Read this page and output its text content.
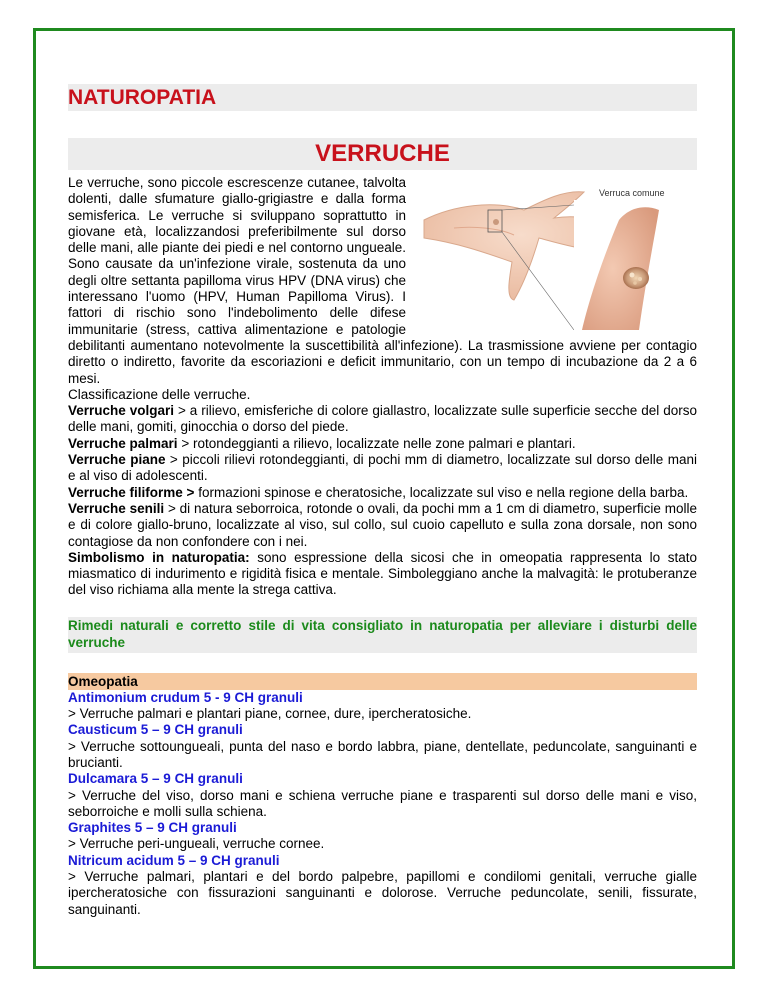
NATUROPATIA
VERRUCHE
Verruca comune

Le verruche, sono piccole escrescenze cutanee, talvolta dolenti, dalle sfumature giallo-grigiastre e dalla forma semisferica. Le verruche si sviluppano soprattutto in giovane età, localizzandosi preferibilmente sul dorso delle mani, alle piante dei piedi e nel contorno ungueale. Sono causate da un'infezione virale, sostenuta da uno degli oltre settanta papilloma virus HPV (DNA virus) che interessano l'uomo (HPV, Human Papilloma Virus). I fattori di rischio sono l'indebolimento delle difese immunitarie (stress, cattiva alimentazione e patologie debilitanti aumentano notevolmente la suscettibilità all'infezione). La trasmissione avviene per contagio diretto o indiretto, favorite da escoriazioni e deficit immunitario, con un tempo di incubazione da 2 a 6 mesi.

Classificazione delle verruche.

Verruche volgari > a rilievo, emisferiche di colore giallastro, localizzate sulle superficie secche del dorso delle mani, gomiti, ginocchia o dorso del piede.

Verruche palmari > rotondeggianti a rilievo, localizzate nelle zone palmari e plantari.

Verruche piane > piccoli rilievi rotondeggianti, di pochi mm di diametro, localizzate sul dorso delle mani e al viso di adolescenti.

Verruche filiforme > formazioni spinose e cheratosiche, localizzate sul viso e nella regione della barba.

Verruche senili > di natura seborroica, rotonde o ovali, da pochi mm a 1 cm di diametro, superficie molle e di colore giallo-bruno, localizzate al viso, sul collo, sul cuoio capelluto e sulla zona dorsale, non sono contagiose da non confondere con i nei.

Simbolismo in naturopatia: sono espressione della sicosi che in omeopatia rappresenta lo stato miasmatico di indurimento e rigidità fisica e mentale. Simboleggiano anche la malvagità: le protuberanze del viso richiama alla mente la strega cattiva.

Rimedi naturali e corretto stile di vita consigliato in naturopatia per alleviare i disturbi delle verruche
Omeopatia
Antimonium crudum 5 - 9 CH granuli
> Verruche palmari e plantari piane, cornee, dure, ipercheratosiche.
Causticum 5 – 9 CH granuli
> Verruche sottoungueali, punta del naso e bordo labbra, piane, dentellate, peduncolate, sanguinanti e brucianti.
Dulcamara 5 – 9 CH granuli
> Verruche del viso, dorso mani e schiena verruche piane e trasparenti sul dorso delle mani e viso, seborroiche e molli sulla schiena.
Graphites 5 – 9 CH granuli
> Verruche peri-ungueali, verruche cornee.
Nitricum acidum 5 – 9 CH granuli
> Verruche palmari, plantari e del bordo palpebre, papillomi e condilomi genitali, verruche gialle ipercheratosiche con fissurazioni sanguinanti e dolorose. Verruche peduncolate, senili, fissurate, sanguinanti.
